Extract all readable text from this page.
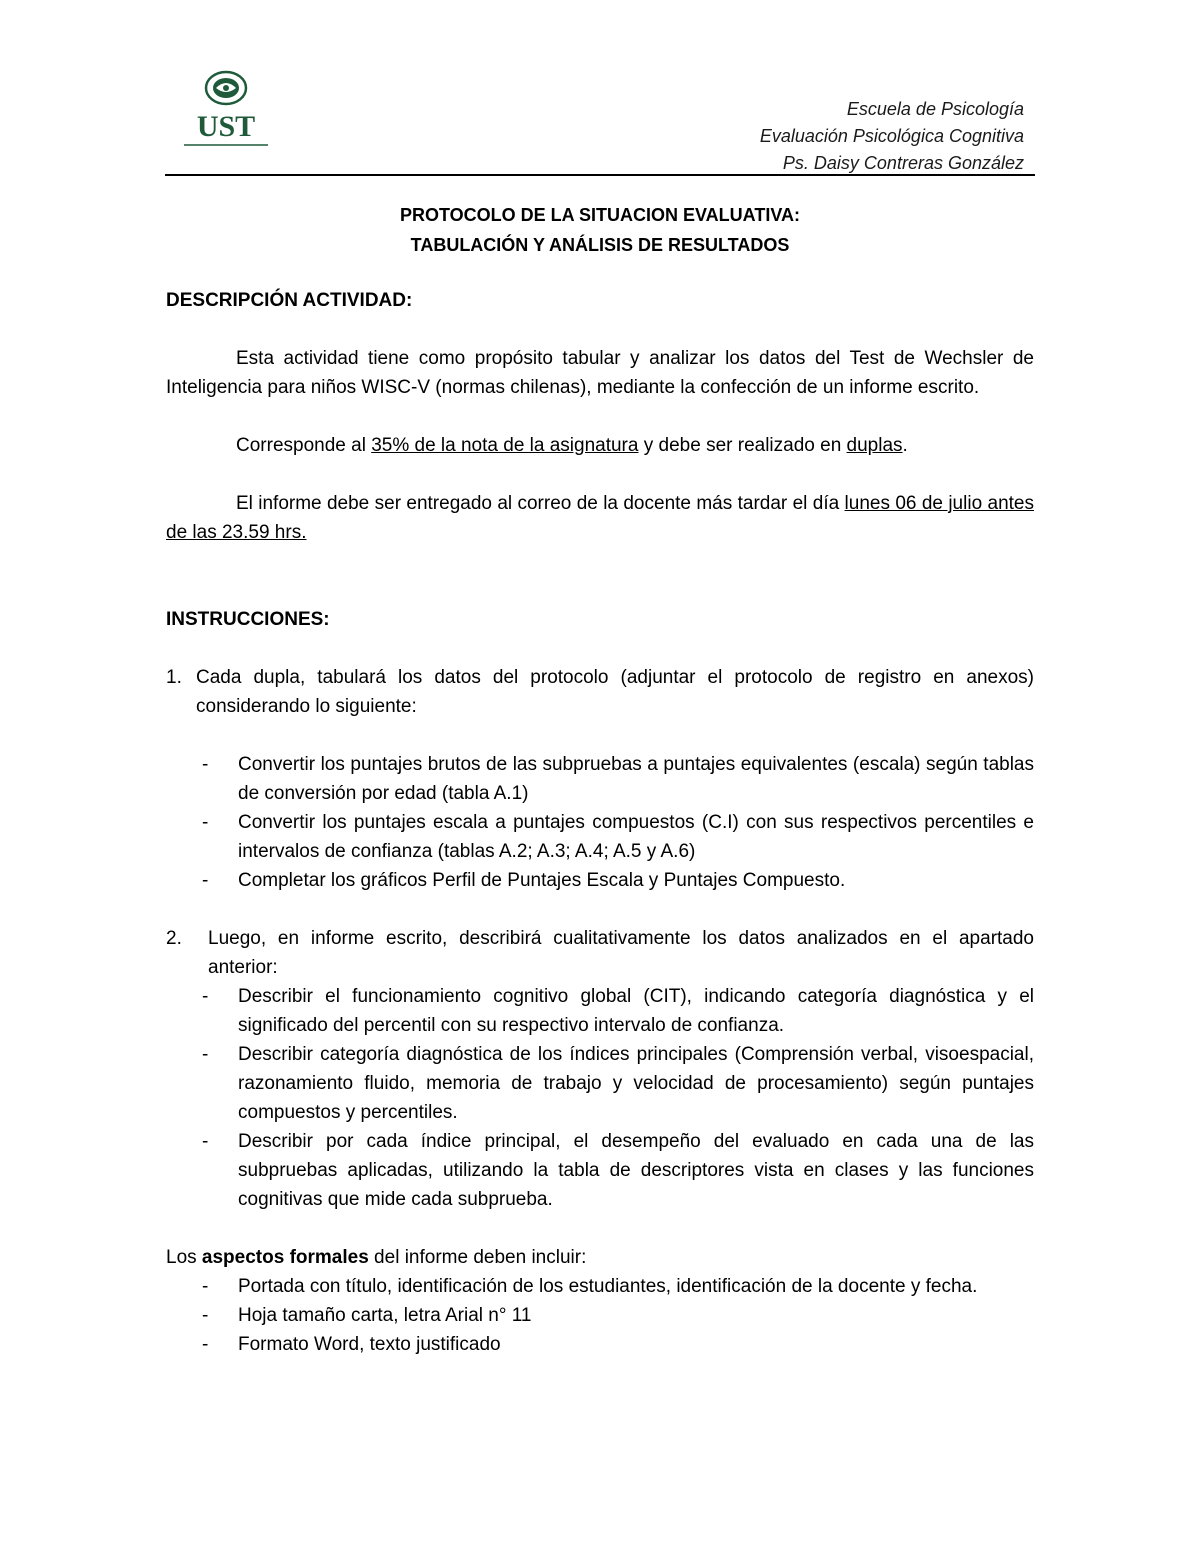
UST
Escuela de Psicología
Evaluación Psicológica Cognitiva
Ps. Daisy Contreras González
PROTOCOLO DE LA SITUACION EVALUATIVA:
TABULACIÓN Y ANÁLISIS DE RESULTADOS
DESCRIPCIÓN ACTIVIDAD:
Esta actividad tiene como propósito tabular y analizar los datos del Test de Wechsler de Inteligencia para niños WISC-V (normas chilenas), mediante la confección de un informe escrito.
Corresponde al 35% de la nota de la asignatura y debe ser realizado en duplas.
El informe debe ser entregado al correo de la docente más tardar el día lunes 06 de julio antes de las 23.59 hrs.
INSTRUCCIONES:
1. Cada dupla, tabulará los datos del protocolo (adjuntar el protocolo de registro en anexos) considerando lo siguiente:
-	Convertir los puntajes brutos de las subpruebas a puntajes equivalentes (escala) según tablas de conversión por edad (tabla A.1)
-	Convertir los puntajes escala a puntajes compuestos (C.I) con sus respectivos percentiles e intervalos de confianza (tablas A.2; A.3; A.4; A.5 y A.6)
-	Completar los gráficos Perfil de Puntajes Escala y Puntajes Compuesto.
2.	Luego, en informe escrito, describirá cualitativamente los datos analizados en el apartado anterior:
-	Describir el funcionamiento cognitivo global (CIT), indicando categoría diagnóstica y el significado del percentil con su respectivo intervalo de confianza.
-	Describir categoría diagnóstica de los índices principales (Comprensión verbal, visoespacial, razonamiento fluido, memoria de trabajo y velocidad de procesamiento) según puntajes compuestos y percentiles.
-	Describir por cada índice principal, el desempeño del evaluado en cada una de las subpruebas aplicadas, utilizando la tabla de descriptores vista en clases y las funciones cognitivas que mide cada subprueba.
Los aspectos formales del informe deben incluir:
-	Portada con título, identificación de los estudiantes, identificación de la docente y fecha.
-	Hoja tamaño carta, letra Arial n° 11
-	Formato Word, texto justificado
